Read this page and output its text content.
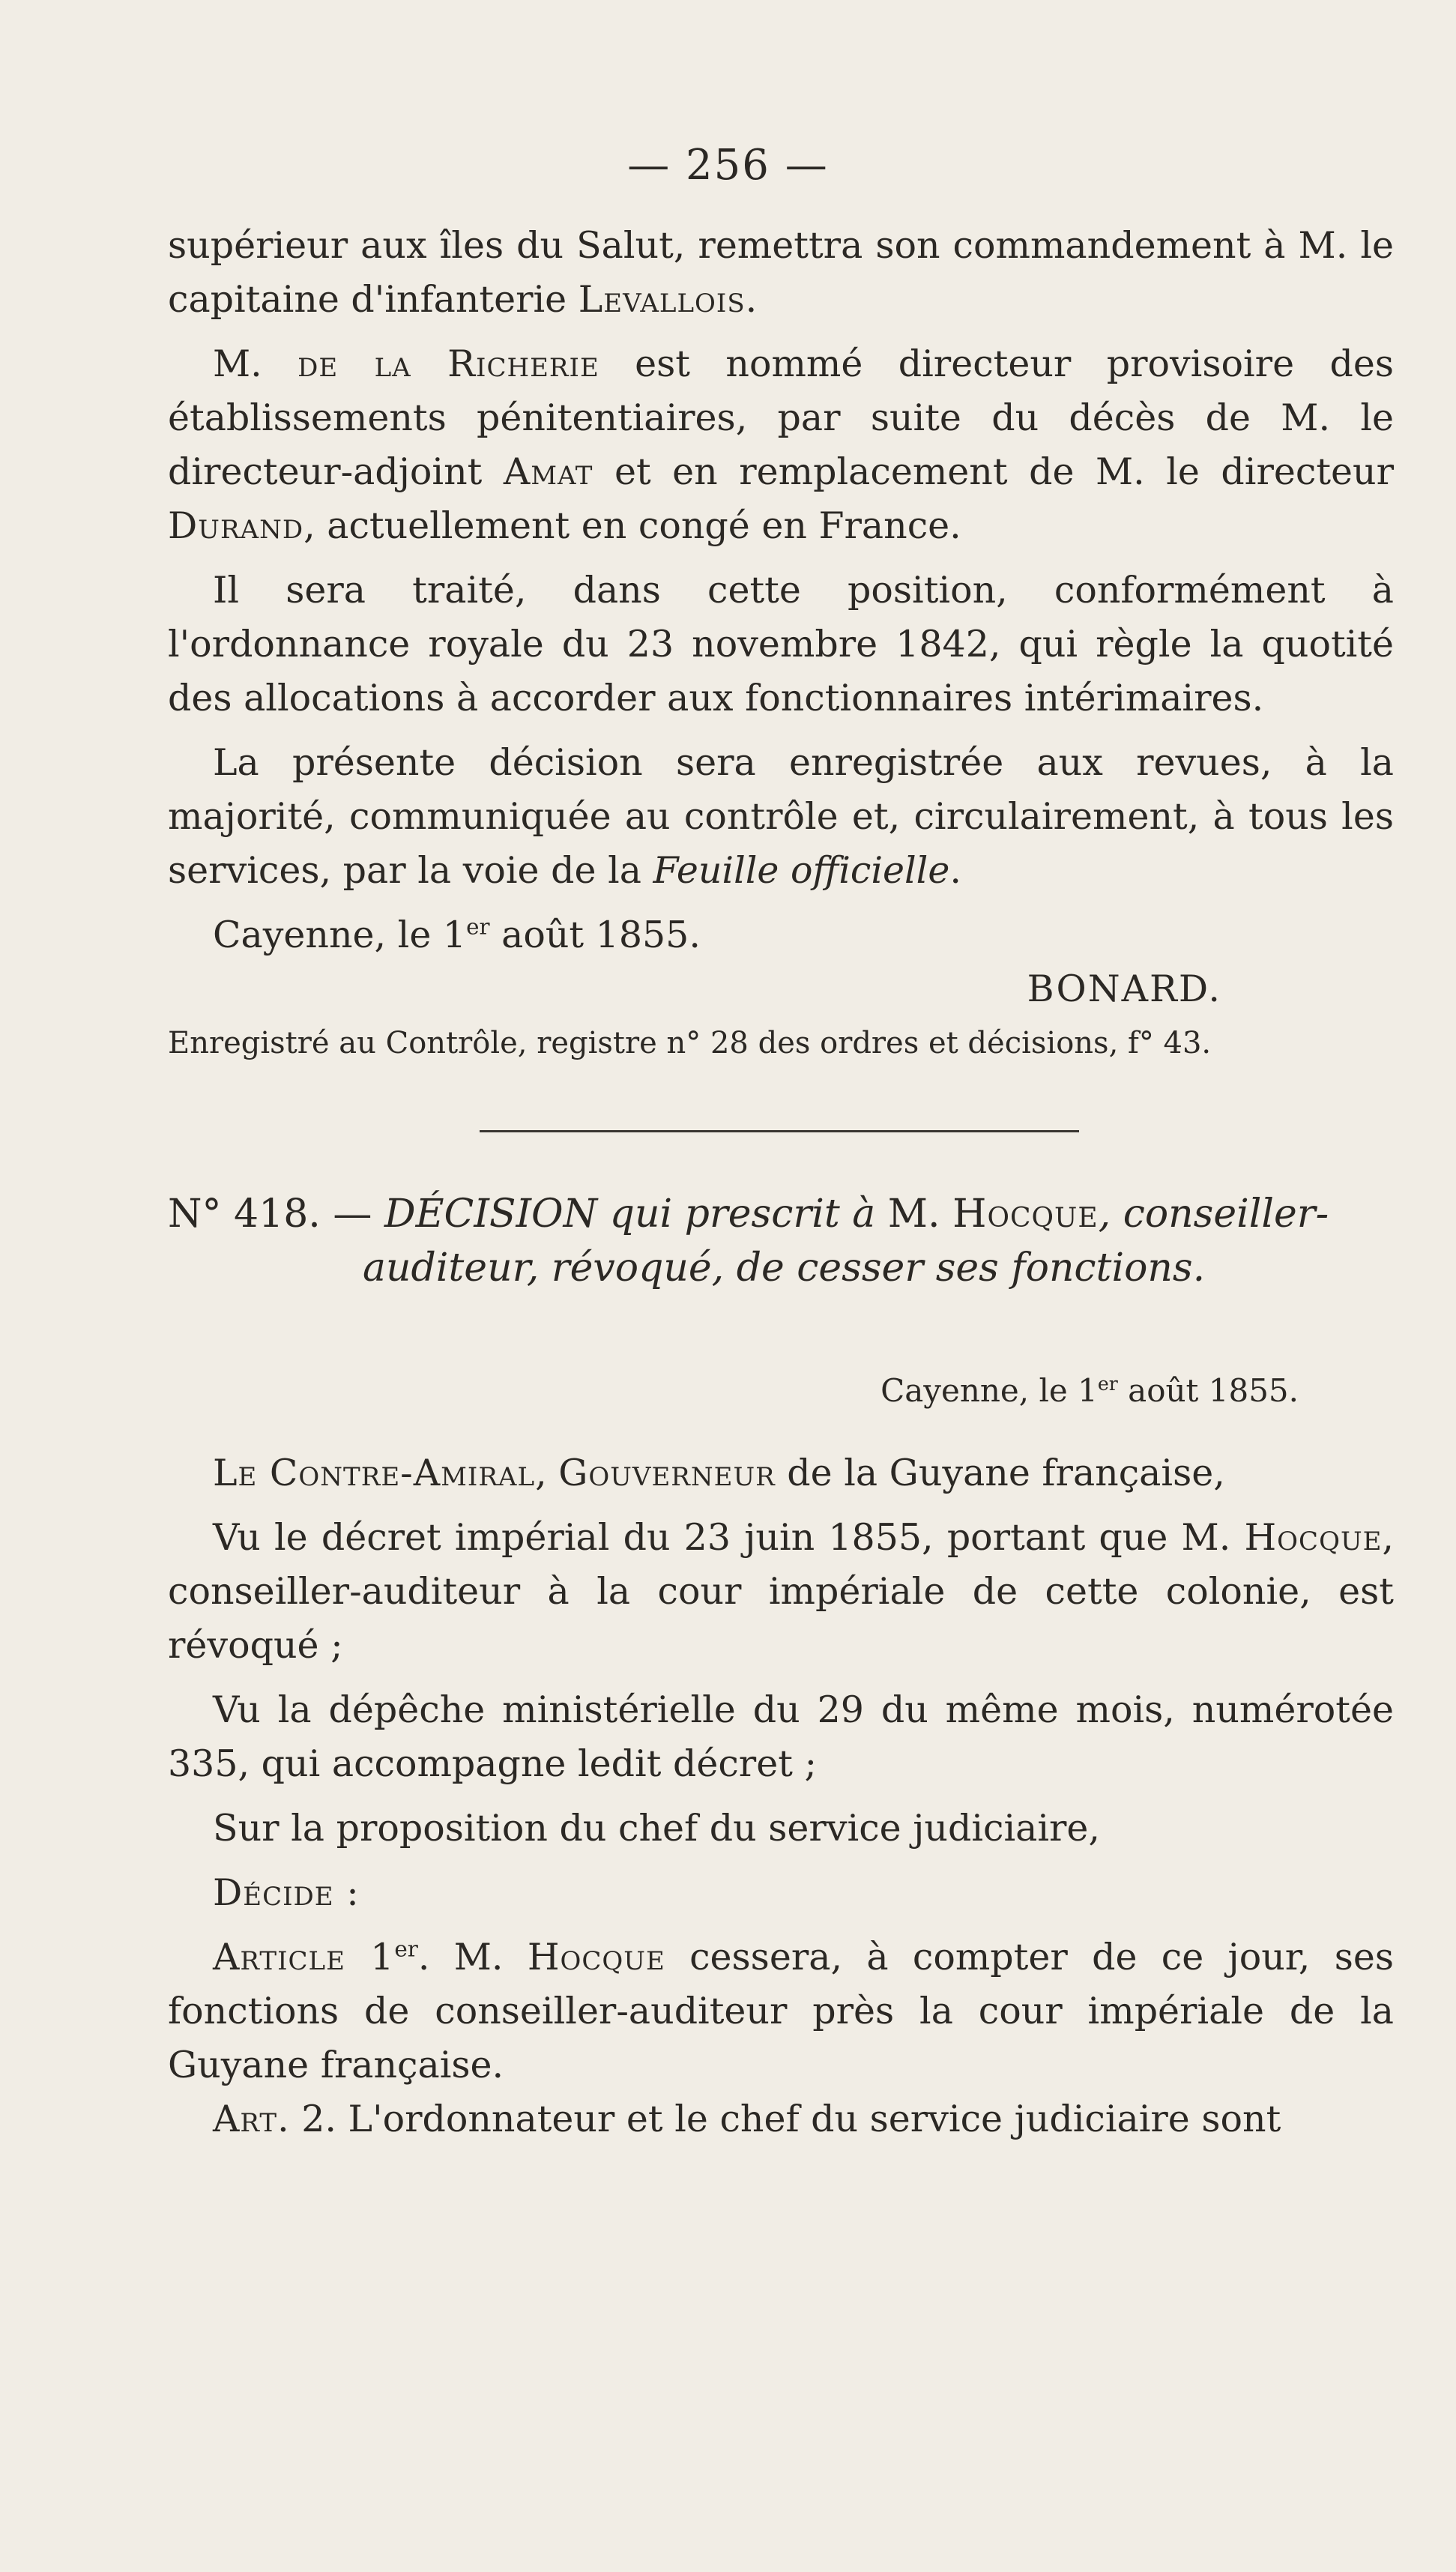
— 256 —

supérieur aux îles du Salut, remettra son commandement à M. le capitaine d'infanterie Levallois.

M. de la Richerie est nommé directeur provisoire des établissements pénitentiaires, par suite du décès de M. le directeur-adjoint Amat et en remplacement de M. le directeur Durand, actuellement en congé en France.

Il sera traité, dans cette position, conformément à l'ordonnance royale du 23 novembre 1842, qui règle la quotité des allocations à accorder aux fonctionnaires intérimaires.

La présente décision sera enregistrée aux revues, à la majorité, communiquée au contrôle et, circulairement, à tous les services, par la voie de la Feuille officielle.

Cayenne, le 1er août 1855.

BONARD.

Enregistré au Contrôle, registre n° 28 des ordres et décisions, f° 43.

N° 418. — DÉCISION qui prescrit à M. Hocque, conseiller-

auditeur, révoqué, de cesser ses fonctions.

Cayenne, le 1er août 1855.

Le Contre-Amiral, Gouverneur de la Guyane française,

Vu le décret impérial du 23 juin 1855, portant que M. Hocque, conseiller-auditeur à la cour impériale de cette colonie, est révoqué ;

Vu la dépêche ministérielle du 29 du même mois, numérotée 335, qui accompagne ledit décret ;

Sur la proposition du chef du service judiciaire,

Décide :

Article 1er. M. Hocque cessera, à compter de ce jour, ses fonctions de conseiller-auditeur près la cour impériale de la Guyane française.

Art. 2. L'ordonnateur et le chef du service judiciaire sont
